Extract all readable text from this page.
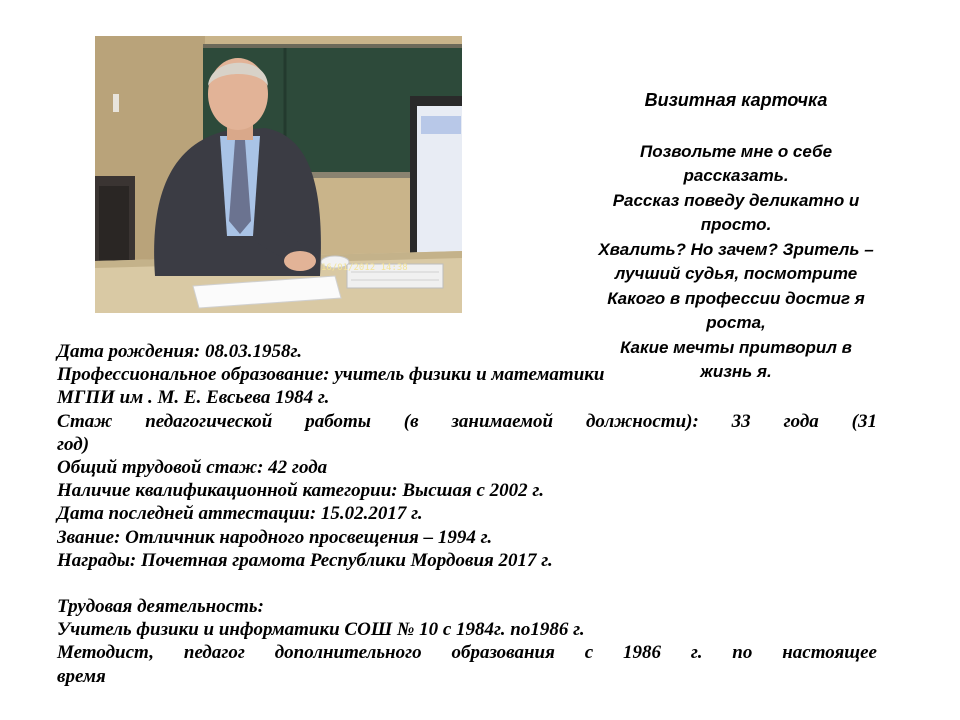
16/01/2012 14:38
Визитная карточка
Позвольте мне о себе
рассказать.
Рассказ поведу деликатно и
просто.
Хвалить? Но зачем? Зритель –
лучший судья, посмотрите
Какого в профессии достиг я
роста,
Какие мечты притворил в
жизнь я.
Дата рождения: 08.03.1958г.
Профессиональное образование: учитель физики и математики
МГПИ им . М. Е. Евсьева 1984 г.
Стаж педагогической работы (в занимаемой должности): 33 года (31
год)
Общий трудовой стаж: 42 года
Наличие квалификационной категории: Высшая с 2002 г.
Дата последней аттестации: 15.02.2017 г.
Звание: Отличник народного просвещения – 1994 г.
Награды: Почетная грамота Республики Мордовия 2017 г.
Трудовая деятельность:
Учитель физики и информатики СОШ № 10 с 1984г. по1986 г.
Методист, педагог дополнительного образования с 1986 г. по настоящее
время
